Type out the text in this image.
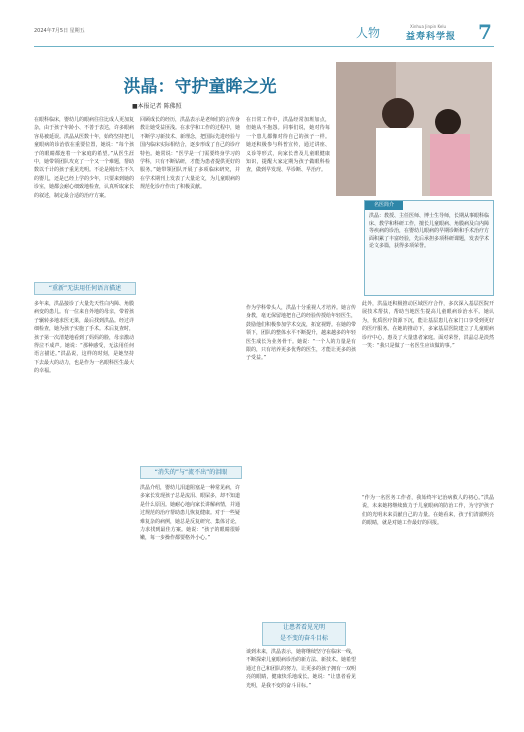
2024年7月5日 星期五	人物	Xinhua Jinpin Kelu
益寿科学报 7
洪晶：守护童眸之光
■本报记者 陈佛照
名医简介
洪晶：教授、主任医师、博士生导师，长期从事眼科临床、教学和科研工作，擅长儿童眼病、角膜病及白内障等疾病的诊治，在婴幼儿眼病的早期诊断和手术治疗方面积累了丰富经验，先后承担多项科研课题，发表学术论文多篇，获得多项荣誉。
在眼科临床，婴幼儿的眼病往往比成人更加复杂，由于孩子年龄小、不善于表达，许多眼病容易被延误。洪晶从医数十年，始终坚持把儿童眼病的诊治放在重要位置，她说：“每个孩子的眼睛都连着一个家庭的希望。”从医生涯中，她带领团队攻克了一个又一个难题，帮助数以千计的孩子重见光明。不论是刚出生不久的婴儿，还是已经上学的少年，只要来到她的诊室，她都会耐心细致地检查，认真听取家长的叙述，制定最合适的治疗方案。
“重新”无法用任何语言描述
多年来，洪晶接诊了大量先天性白内障、角膜病变的患儿。有一位来自外地的母亲，带着孩子辗转多地求医无果，最后找到洪晶。经过详细检查，她为孩子实施了手术。术后复查时，孩子第一次清楚地看到了妈妈的脸，母亲激动得泣不成声。她说：“那种感受，无法用任何语言描述。”洪晶说，这样的时刻，是她坚持下去最大的动力，也是作为一名眼科医生最大的幸福。
回顾成长的经历，洪晶表示是老师们的言传身教让她受益匪浅。在求学和工作的过程中，她不断学习新技术、新理念，把国际先进经验与国内临床实际相结合，逐步形成了自己的诊疗特色。她常说：“医学是一门需要终身学习的学科，只有不断钻研，才能为患者提供更好的服务。”她带领团队开展了多项临床研究，并在学术期刊上发表了大量论文，为儿童眼病的规范化诊疗作出了积极贡献。
“消失的”与“流不出”的泪眼
洪晶介绍，婴幼儿泪道阻塞是一种常见病，许多家长发现孩子总是流泪、眼屎多，却不知道是什么原因。她耐心地向家长讲解病情，并通过规范的治疗帮助患儿恢复健康。对于一些疑难复杂的病例，她总是反复研究、集体讨论，力求找到最佳方案。她说：“孩子的眼睛很娇嫩，每一步操作都要格外小心。”
在日常工作中，洪晶经常加班加点，但她从不抱怨。同事们说，她对待每一个患儿都像对待自己的孩子一样。她还积极参与科普宣传，通过讲座、义诊等形式，向家长普及儿童眼健康知识，提醒大家定期为孩子做眼科检查，做到早发现、早诊断、早治疗。
作为学科带头人，洪晶十分重视人才培养。她言传身教，毫无保留地把自己的经验传授给年轻医生，鼓励他们积极参加学术交流，拓宽视野。在她的带领下，团队的整体水平不断提升，越来越多的年轻医生成长为业务骨干。她说：“一个人的力量是有限的，只有培养更多优秀的医生，才能让更多的孩子受益。”
让患者看见光明
是不变的奋斗目标
谈到未来，洪晶表示，她将继续坚守在临床一线，不断探索儿童眼病诊治的新方法、新技术。她希望通过自己和团队的努力，让更多的孩子拥有一双明亮的眼睛，健康快乐地成长。她说：“让患者看见光明，是我不变的奋斗目标。”
此外，洪晶还积极推动区域医疗合作，多次深入基层医院开展技术帮扶，帮助当地医生提高儿童眼病诊治水平。她认为，优质医疗资源下沉，能让基层患儿在家门口享受到更好的医疗服务。在她的推动下，多家基层医院建立了儿童眼病诊疗中心，惠及了大量患者家庭。面对荣誉，洪晶总是淡然一笑：“我只是做了一名医生应该做的事。”
“作为一名医务工作者，我始终牢记治病救人的初心。”洪晶说，未来她将继续致力于儿童眼病的防治工作，为守护孩子们的光明未来贡献自己的力量。在她看来，孩子们清澈明亮的眼睛，就是对她工作最好的回报。
